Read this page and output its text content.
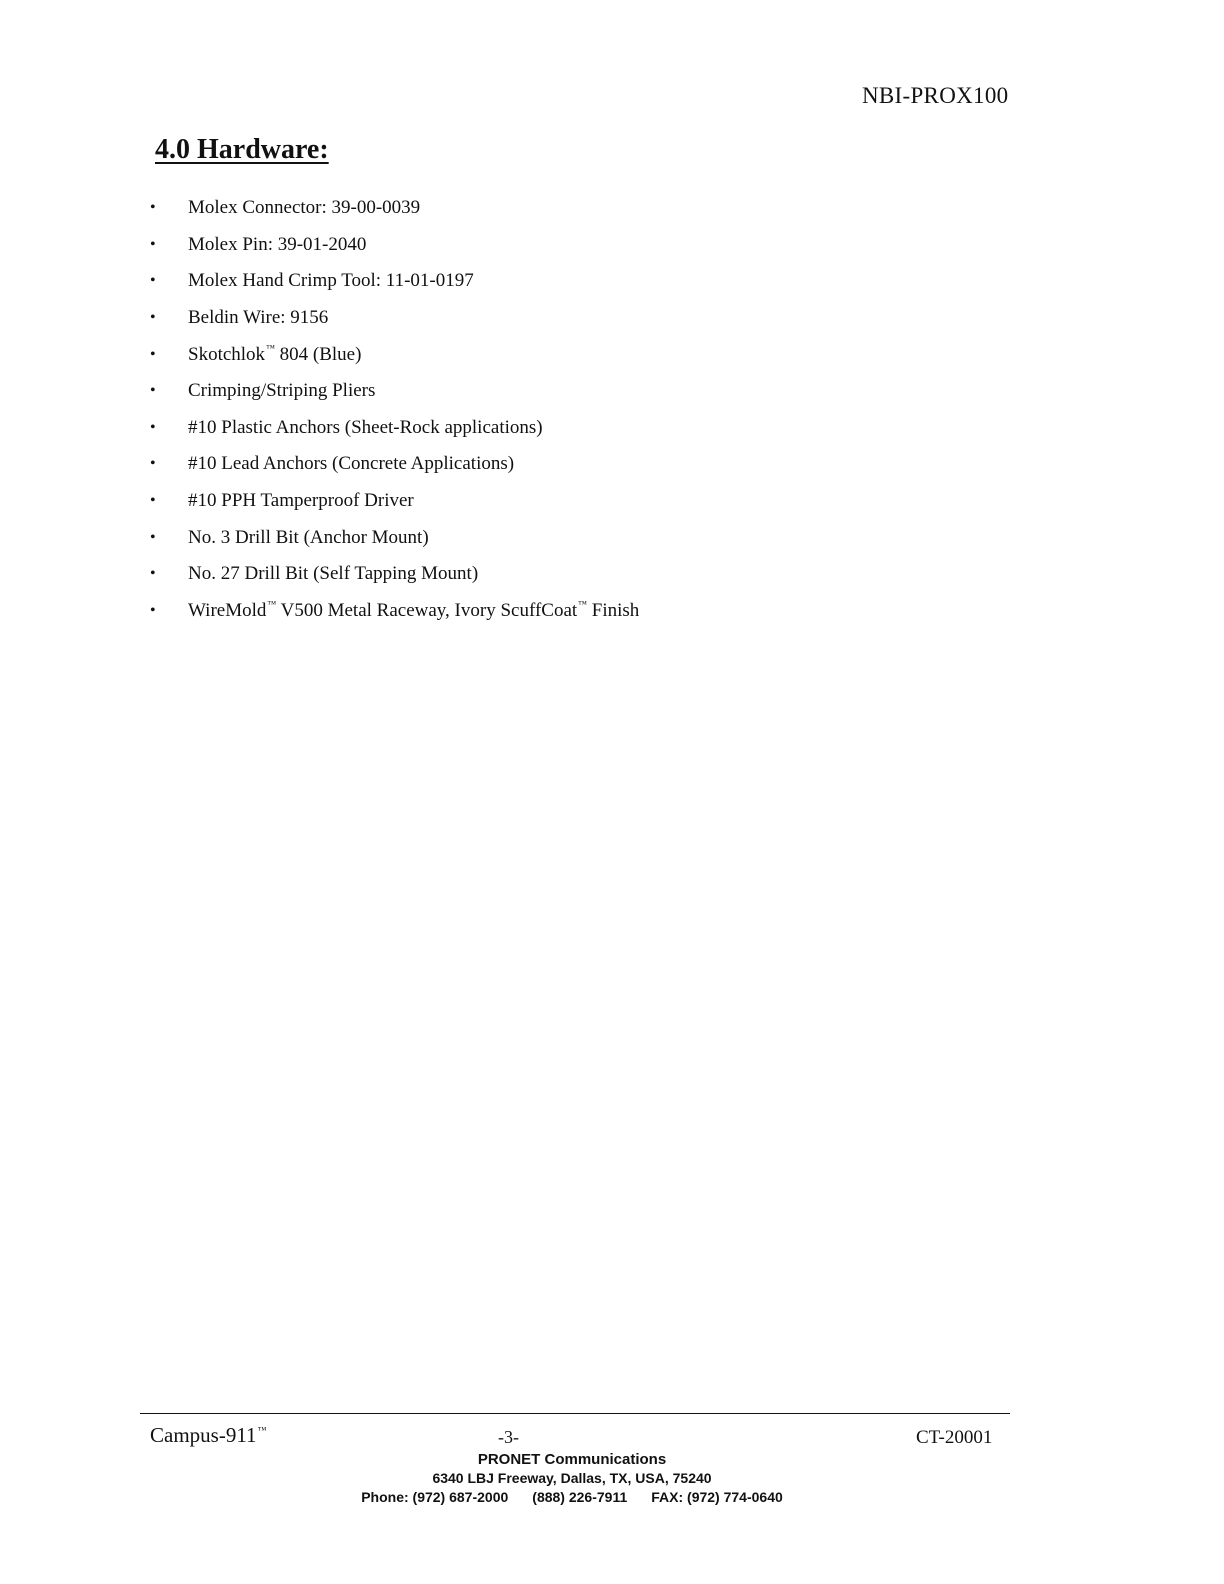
NBI-PROX100
4.0 Hardware:
•	Molex Connector: 39-00-0039
•	Molex Pin: 39-01-2040
•	Molex Hand Crimp Tool: 11-01-0197
•	Beldin Wire: 9156
•	Skotchlok™ 804 (Blue)
•	Crimping/Striping Pliers
•	#10 Plastic Anchors (Sheet-Rock applications)
•	#10 Lead Anchors (Concrete Applications)
•	#10 PPH Tamperproof Driver
•	No. 3 Drill Bit (Anchor Mount)
•	No. 27 Drill Bit (Self Tapping Mount)
•	WireMold™ V500 Metal Raceway, Ivory ScuffCoat™ Finish
Campus-911™	-3-	CT-20001
PRONET Communications
6340 LBJ Freeway, Dallas, TX, USA, 75240
Phone: (972) 687-2000 (888) 226-7911 FAX: (972) 774-0640
